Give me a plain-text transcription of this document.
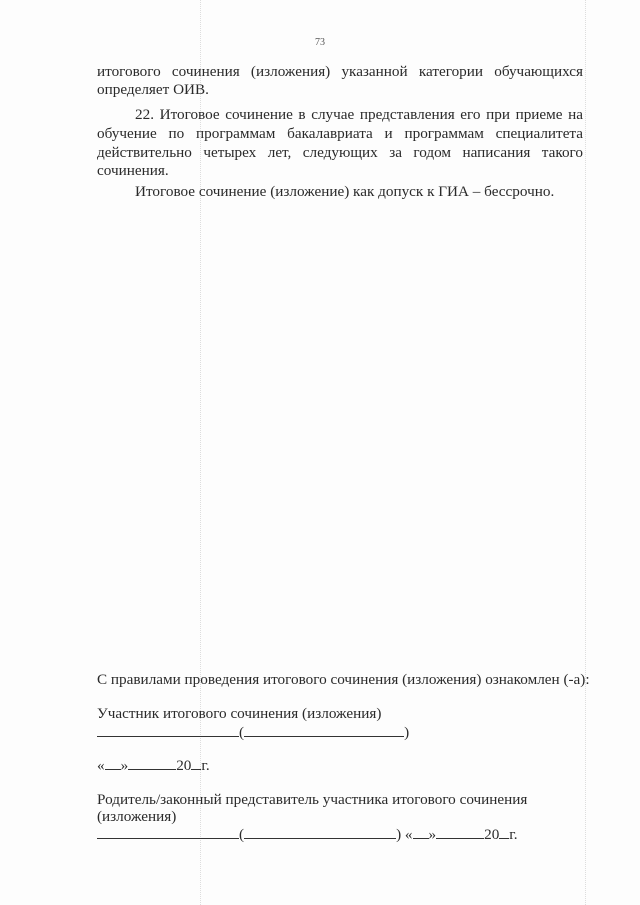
73
итогового сочинения (изложения) указанной категории обучающихся
определяет ОИВ.
22. Итоговое сочинение в случае представления его при приеме на
обучение по программам бакалавриата и программам специалитета
действительно четырех лет, следующих за годом написания такого
сочинения.
Итоговое сочинение (изложение) как допуск к ГИА – бессрочно.
С правилами проведения итогового сочинения (изложения) ознакомлен (-а):
Участник итогового сочинения (изложения)
(	)
« »	20 г.
Родитель/законный представитель участника итогового сочинения
(изложения)
(	) « »	20 г.
